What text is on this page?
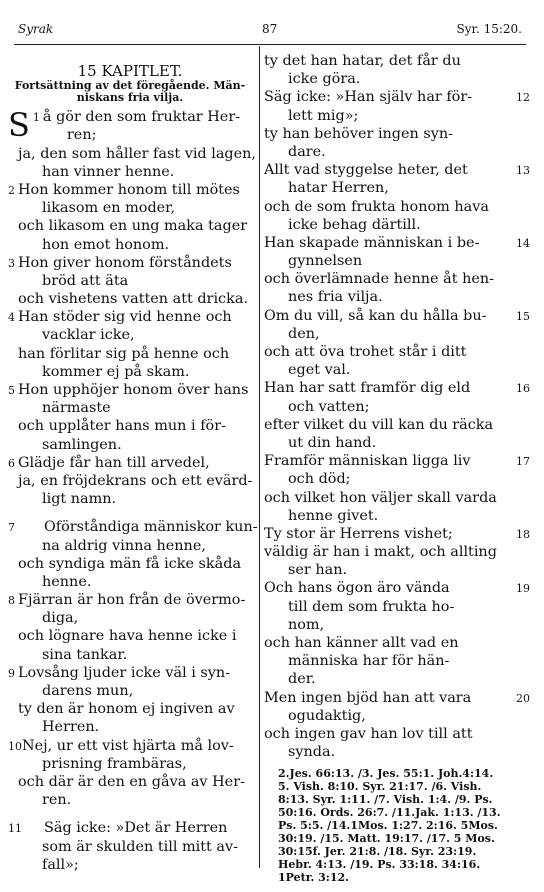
Syrak	87	Syr. 15:20.
15 KAPITLET.
Fortsättning av det föregående. Män-
niskans fria vilja.
1
S å gör den som fruktar Her-
ren;
ja, den som håller fast vid lagen,
han vinner henne.
2 Hon kommer honom till mötes
likasom en moder,
och likasom en ung maka tager
hon emot honom.
3 Hon giver honom förståndets
bröd att äta
och vishetens vatten att dricka.
4 Han stöder sig vid henne och
vacklar icke,
han förlitar sig på henne och
kommer ej på skam.
5 Hon upphöjer honom över hans
närmaste
och upplåter hans mun i för-
samlingen.
6 Glädje får han till arvedel,
ja, en fröjdekrans och ett evärd-
ligt namn.
7 Oförståndiga människor kun-
na aldrig vinna henne,
och syndiga män få icke skåda
henne.
8 Fjärran är hon från de övermo-
diga,
och lögnare hava henne icke i
sina tankar.
9 Lovsång ljuder icke väl i syn-
darens mun,
ty den är honom ej ingiven av
Herren.
10Nej, ur ett vist hjärta må lov-
prisning frambäras,
och där är den en gåva av Her-
ren.
11 Säg icke: »Det är Herren
som är skulden till mitt av-
fall»;
ty det han hatar, det får du
icke göra.
Säg icke: »Han själv har för-	12
lett mig»;
ty han behöver ingen syn-
dare.
Allt vad styggelse heter, det	13
hatar Herren,
och de som frukta honom hava
icke behag därtill.
Han skapade människan i be-	14
gynnelsen
och överlämnade henne åt hen-
nes fria vilja.
Om du vill, så kan du hålla bu-	15
den,
och att öva trohet står i ditt
eget val.
Han har satt framför dig eld	16
och vatten;
efter vilket du vill kan du räcka
ut din hand.
Framför människan ligga liv	17
och död;
och vilket hon väljer skall varda
henne givet.
Ty stor är Herrens vishet;	18
väldig är han i makt, och allting
ser han.
Och hans ögon äro vända	19
till dem som frukta ho-
nom,
och han känner allt vad en
människa har för hän-
der.
Men ingen bjöd han att vara	20
ogudaktig,
och ingen gav han lov till att
synda.
2.Jes. 66:13. /3. Jes. 55:1. Joh.4:14.
5. Vish. 8:10. Syr. 21:17. /6. Vish.
8:13. Syr. 1:11. /7. Vish. 1:4. /9. Ps.
50:16. Ords. 26:7. /11.Jak. 1:13. /13.
Ps. 5:5. /14.1Mos. 1:27. 2:16. 5Mos.
30:19. /15. Matt. 19:17. /17. 5 Mos.
30:15f. Jer. 21:8. /18. Syr. 23:19.
Hebr. 4:13. /19. Ps. 33:18. 34:16.
1Petr. 3:12.
